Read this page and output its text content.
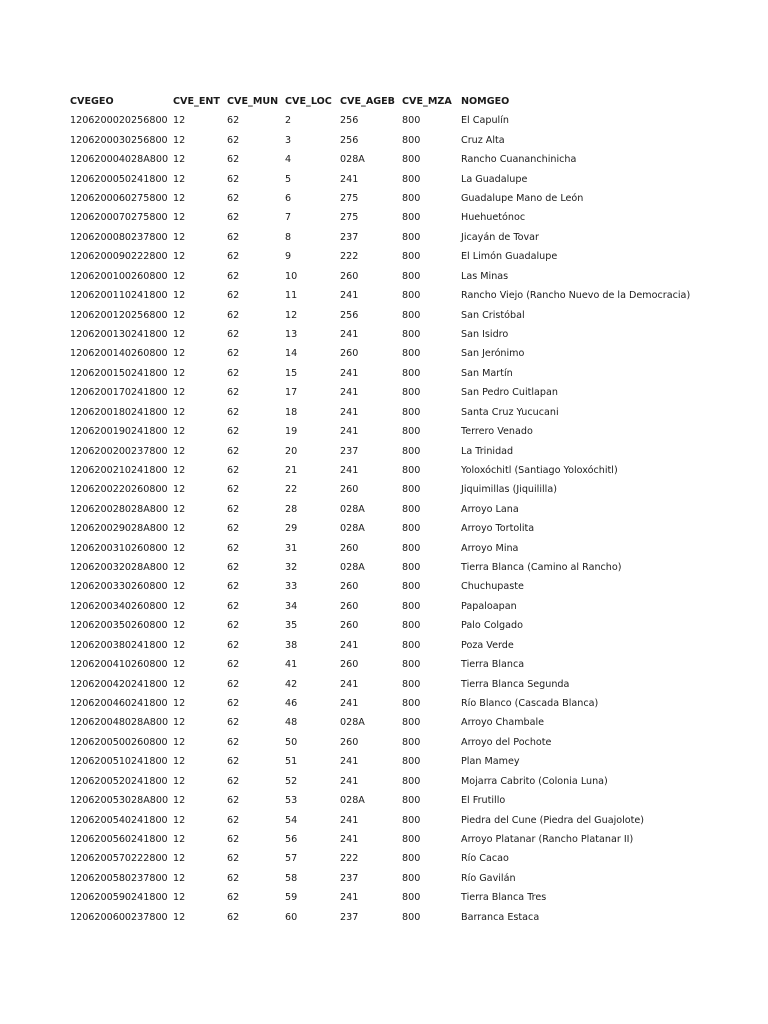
CVEGEO	CVE_ENT	CVE_MUN	CVE_LOC	CVE_AGEB	CVE_MZA	NOMGEO
1206200020256800	12	62	2	256	800	El Capulín
1206200030256800	12	62	3	256	800	Cruz Alta
120620004028A800	12	62	4	028A	800	Rancho Cuananchinicha
1206200050241800	12	62	5	241	800	La Guadalupe
1206200060275800	12	62	6	275	800	Guadalupe Mano de León
1206200070275800	12	62	7	275	800	Huehuetónoc
1206200080237800	12	62	8	237	800	Jicayán de Tovar
1206200090222800	12	62	9	222	800	El Limón Guadalupe
1206200100260800	12	62	10	260	800	Las Minas
1206200110241800	12	62	11	241	800	Rancho Viejo (Rancho Nuevo de la Democracia)
1206200120256800	12	62	12	256	800	San Cristóbal
1206200130241800	12	62	13	241	800	San Isidro
1206200140260800	12	62	14	260	800	San Jerónimo
1206200150241800	12	62	15	241	800	San Martín
1206200170241800	12	62	17	241	800	San Pedro Cuitlapan
1206200180241800	12	62	18	241	800	Santa Cruz Yucucani
1206200190241800	12	62	19	241	800	Terrero Venado
1206200200237800	12	62	20	237	800	La Trinidad
1206200210241800	12	62	21	241	800	Yoloxóchitl (Santiago Yoloxóchitl)
1206200220260800	12	62	22	260	800	Jiquimillas (Jiquililla)
120620028028A800	12	62	28	028A	800	Arroyo Lana
120620029028A800	12	62	29	028A	800	Arroyo Tortolita
1206200310260800	12	62	31	260	800	Arroyo Mina
120620032028A800	12	62	32	028A	800	Tierra Blanca (Camino al Rancho)
1206200330260800	12	62	33	260	800	Chuchupaste
1206200340260800	12	62	34	260	800	Papaloapan
1206200350260800	12	62	35	260	800	Palo Colgado
1206200380241800	12	62	38	241	800	Poza Verde
1206200410260800	12	62	41	260	800	Tierra Blanca
1206200420241800	12	62	42	241	800	Tierra Blanca Segunda
1206200460241800	12	62	46	241	800	Río Blanco (Cascada Blanca)
120620048028A800	12	62	48	028A	800	Arroyo Chambale
1206200500260800	12	62	50	260	800	Arroyo del Pochote
1206200510241800	12	62	51	241	800	Plan Mamey
1206200520241800	12	62	52	241	800	Mojarra Cabrito (Colonia Luna)
120620053028A800	12	62	53	028A	800	El Frutillo
1206200540241800	12	62	54	241	800	Piedra del Cune (Piedra del Guajolote)
1206200560241800	12	62	56	241	800	Arroyo Platanar (Rancho Platanar II)
1206200570222800	12	62	57	222	800	Río Cacao
1206200580237800	12	62	58	237	800	Río Gavilán
1206200590241800	12	62	59	241	800	Tierra Blanca Tres
1206200600237800	12	62	60	237	800	Barranca Estaca
